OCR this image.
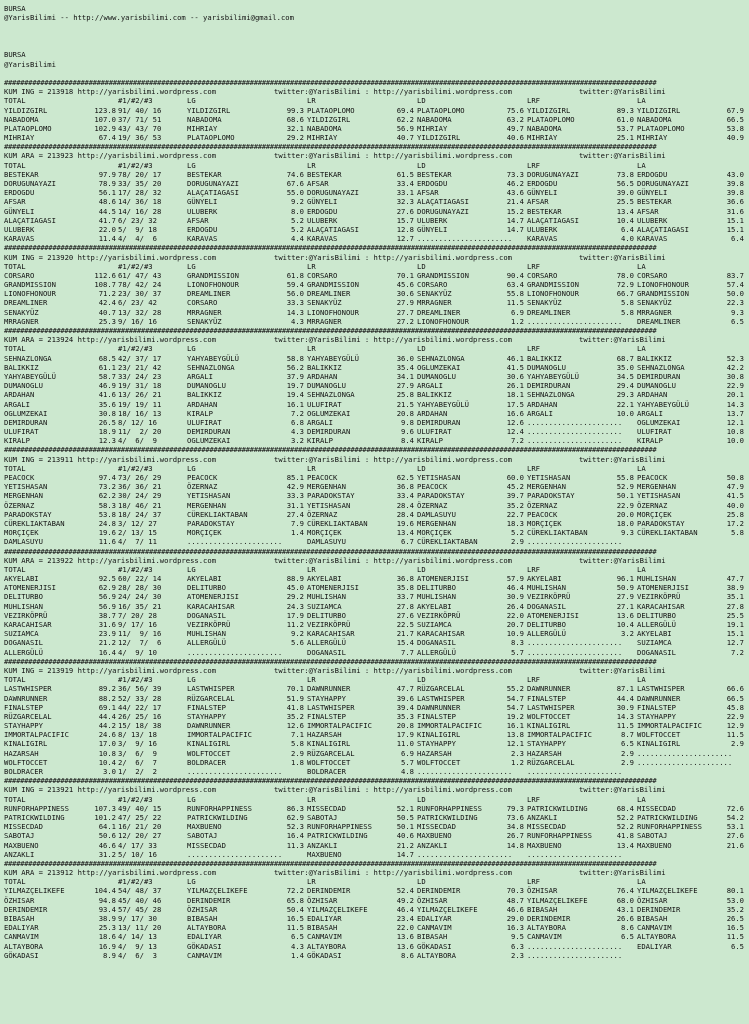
BURSA
@YarisBilimi -- http://www.yarisbilimi.com -- yarisbilimi@gmail.com
BURSA
@YarisBilimi
##################################################################################################################################################################
KUM ING = 213918 http://yarisbilimi.wordpress.com	twitter:@YarisBilimi : http://yarisbilimi.wordpress.com	twitter:@YarisBilimi
TOTAL	#1/#2/#3	LG	LR	LD	LRF	LA
YILDIZGIRL	123.8 91/ 40/ 16	YILDIZGIRL	99.3 PLATAOPLOMO	69.4 PLATAOPLOMO	75.6 YILDIZGIRL	89.3 YILDIZGIRL	67.9
NABADOMA	107.0 37/ 71/ 51	NABADOMA	68.6 YILDIZGIRL	62.2 NABADOMA	63.2 PLATAOPLOMO	61.0 NABADOMA	66.5
PLATAOPLOMO	102.9 43/ 43/ 70	MIHRIAY	32.1 NABADOMA	56.9 MIHRIAY	49.7 NABADOMA	53.7 PLATAOPLOMO	53.8
MIHRIAY	67.4 19/ 36/ 53	PLATAOPLOMO	29.2 MIHRIAY	40.7 YILDIZGIRL	40.6 MIHRIAY	25.1 MIHRIAY	40.9
##################################################################################################################################################################
KUM ARA = 213923 http://yarisbilimi.wordpress.com	twitter:@YarisBilimi : http://yarisbilimi.wordpress.com	twitter:@YarisBilimi
TOTAL	#1/#2/#3	LG	LR	LD	LRF	LA
BESTEKAR	97.9 78/ 20/ 17	BESTEKAR	74.6 BESTEKAR	61.5 BESTEKAR	73.3 DORUGUNAYAZI	73.8 ERDOGDU	43.0
DORUGUNAYAZI	78.9 33/ 35/ 20	DORUGUNAYAZI	67.6 AFSAR	33.4 ERDOGDU	46.2 ERDOGDU	56.5 DORUGUNAYAZI	39.8
ERDOGDU	56.1 17/ 28/ 32	ALAÇATIAGASI	55.0 DORUGUNAYAZI	33.1 AFSAR	43.6 GÜNYELI	39.0 GÜNYELI	39.8
AFSAR	48.6 14/ 36/ 18	GÜNYELI	9.2 GÜNYELI	32.3 ALAÇATIAGASI	21.4 AFSAR	25.5 BESTEKAR	36.6
GÜNYELI	44.5 14/ 16/ 28	ULUBERK	8.0 ERDOGDU	27.6 DORUGUNAYAZI	15.2 BESTEKAR	13.4 AFSAR	31.6
ALAÇATIAGASI	41.7 6/ 23/ 32	AFSAR	5.2 ULUBERK	15.7 ULUBERK	14.7 ALAÇATIAGASI	10.4 ULUBERK	15.1
ULUBERK	22.0 5/  9/ 18	ERDOGDU	5.2 ALAÇATIAGASI	12.8 GÜNYELI	14.7 ULUBERK	6.4 ALAÇATIAGASI	15.1
KARAVAS	11.4 4/  4/  6	KARAVAS	4.4 KARAVAS	12.7 ...................... KARAVAS	4.0 KARAVAS	6.4
##################################################################################################################################################################
KUM ING = 213920 http://yarisbilimi.wordpress.com	twitter:@YarisBilimi : http://yarisbilimi.wordpress.com	twitter:@YarisBilimi
TOTAL	#1/#2/#3	LG	LR	LD	LRF	LA
CORSARO	112.6 61/ 47/ 43	GRANDMISSION	61.8 CORSARO	70.1 GRANDMISSION	90.4 CORSARO	78.0 CORSARO	83.7
GRANDMISSION	108.7 78/ 42/ 24	LIONOFHONOUR	59.4 GRANDMISSION	45.6 CORSARO	63.4 GRANDMISSION	72.9 LIONOFHONOUR	57.4
LIONOFHONOUR	71.2 23/ 30/ 37	DREAMLINER	56.0 DREAMLINER	30.6 SENAKYÜZ	55.8 LIONOFHONOUR	66.7 GRANDMISSION	50.0
DREAMLINER	42.4 6/ 23/ 42	CORSARO	33.3 SENAKYÜZ	27.9 MRRAGNER	11.5 SENAKYÜZ	5.8 SENAKYÜZ	22.3
SENAKYÜZ	40.7 13/ 32/ 28	MRRAGNER	14.3 LIONOFHONOUR	27.7 DREAMLINER	6.9 DREAMLINER	5.8 MRRAGNER	9.3
MRRAGNER	25.3 9/ 16/ 16	SENAKYÜZ	4.3 MRRAGNER	27.2 LIONOFHONOUR	1.2 ...................... DREAMLINER	6.5
##################################################################################################################################################################
KUM ARA = 213924 http://yarisbilimi.wordpress.com	twitter:@YarisBilimi : http://yarisbilimi.wordpress.com	twitter:@YarisBilimi
TOTAL	#1/#2/#3	LG	LR	LD	LRF	LA
SEHNAZLONGA	68.5 42/ 37/ 17	YAHYABEYGÜLÜ	58.8 YAHYABEYGÜLÜ	36.0 SEHNAZLONGA	46.1 BALIKKIZ	68.7 BALIKKIZ	52.3
BALIKKIZ	61.1 23/ 21/ 42	SEHNAZLONGA	56.2 BALIKKIZ	35.4 OGLUMZEKAI	41.5 DUMANOGLU	35.0 SEHNAZLONGA	42.2
YAHYABEYGÜLÜ	58.7 33/ 24/ 23	ARGALI	37.9 ARDAHAN	34.1 DUMANOGLU	30.6 YAHYABEYGÜLÜ	34.5 DEMIRDURAN	30.8
DUMANOGLU	46.9 19/ 31/ 18	DUMANOGLU	19.7 DUMANOGLU	27.9 ARGALI	26.1 DEMIRDURAN	29.4 DUMANOGLU	22.9
ARDAHAN	41.6 13/ 26/ 21	BALIKKIZ	19.4 SEHNAZLONGA	25.8 BALIKKIZ	18.1 SEHNAZLONGA	29.3 ARDAHAN	20.1
ARGALI	35.6 19/ 19/ 11	ARDAHAN	16.1 ULUFIRAT	21.5 YAHYABEYGÜLÜ	17.5 ARDAHAN	22.1 YAHYABEYGÜLÜ	14.3
OGLUMZEKAI	30.8 18/ 16/ 13	KIRALP	7.2 OGLUMZEKAI	20.8 ARDAHAN	16.6 ARGALI	10.0 ARGALI	13.7
DEMIRDURAN	26.5 8/ 12/ 16	ULUFIRAT	6.8 ARGALI	9.8 DEMIRDURAN	12.6 ...................... OGLUMZEKAI	12.1
ULUFIRAT	18.9 11/  2/ 20	DEMIRDURAN	4.3 DEMIRDURAN	9.6 ULUFIRAT	12.4 ...................... ULUFIRAT	10.8
KIRALP	12.3 4/  6/  9	OGLUMZEKAI	3.2 KIRALP	8.4 KIRALP	7.2 ...................... KIRALP	10.0
##################################################################################################################################################################
KUM ING = 213911 http://yarisbilimi.wordpress.com	twitter:@YarisBilimi : http://yarisbilimi.wordpress.com	twitter:@YarisBilimi
TOTAL	#1/#2/#3	LG	LR	LD	LRF	LA
PEACOCK	97.4 73/ 26/ 29	PEACOCK	85.1 PEACOCK	62.5 YETISHASAN	60.0 YETISHASAN	55.8 PEACOCK	50.8
YETISHASAN	73.2 36/ 36/ 21	ÖZERNAZ	42.9 MERGENHAN	36.8 PEACOCK	45.2 MERGENHAN	52.9 MERGENHAN	47.9
MERGENHAN	62.2 30/ 24/ 29	YETISHASAN	33.3 PARADOKSTAY	33.4 PARADOKSTAY	39.7 PARADOKSTAY	50.1 YETISHASAN	41.5
ÖZERNAZ	58.3 18/ 46/ 21	MERGENHAN	31.1 YETISHASAN	28.4 ÖZERNAZ	35.2 ÖZERNAZ	22.9 ÖZERNAZ	40.0
PARADOKSTAY	53.8 18/ 24/ 37	CÜREKLIAKTABAN	27.4 ÖZERNAZ	28.4 DAMLASUYU	22.7 PEACOCK	20.0 MORÇIÇEK	25.8
CÜREKLIAKTABAN	24.8 3/ 12/ 27	PARADOKSTAY	7.9 CÜREKLIAKTABAN	19.6 MERGENHAN	18.3 MORÇIÇEK	18.0 PARADOKSTAY	17.2
MORÇIÇEK	19.6 2/ 13/ 15	MORÇIÇEK	1.4 MORÇIÇEK	13.4 MORÇIÇEK	5.2 CÜREKLIAKTABAN	9.3 CÜREKLIAKTABAN	5.8
DAMLASUYU	11.6 4/  7/ 11	......................	DAMLASUYU	6.7 CÜREKLIAKTABAN	2.9 ......................
##################################################################################################################################################################
KUM ARA = 213922 http://yarisbilimi.wordpress.com	twitter:@YarisBilimi : http://yarisbilimi.wordpress.com	twitter:@YarisBilimi
TOTAL	#1/#2/#3	LG	LR	LD	LRF	LA
AKYELABI	92.5 60/ 22/ 14	AKYELABI	88.9 AKYELABI	36.8 ATOMENERJISI	57.9 AKYELABI	96.1 MUHLISHAN	47.7
ATOMENERJISI	62.9 28/ 28/ 30	DELITURBO	45.0 ATOMENERJISI	35.8 DELITURBO	46.4 MUHLISHAN	50.9 ATOMENERJISI	38.9
DELITURBO	56.9 24/ 24/ 30	ATOMENERJISI	29.2 MUHLISHAN	33.7 MUHLISHAN	30.9 VEZIRKÖPRÜ	27.9 VEZIRKÖPRÜ	35.1
MUHLISHAN	56.9 16/ 35/ 21	KARACAHISAR	24.3 SUZIAMCA	27.8 AKYELABI	26.4 DOGANASIL	27.1 KARACAHISAR	27.8
VEZIRKÖPRÜ	38.7 7/ 20/ 28	DOGANASIL	17.9 DELITURBO	27.6 VEZIRKÖPRÜ	22.0 ATOMENERJISI	13.6 DELITURBO	25.5
KARACAHISAR	31.6 9/ 17/ 16	VEZIRKÖPRÜ	11.2 VEZIRKÖPRÜ	22.5 SUZIAMCA	20.7 DELITURBO	10.4 ALLERGÜLÜ	19.1
SUZIAMCA	23.9 11/  9/ 16	MUHLISHAN	9.2 KARACAHISAR	21.7 KARACAHISAR	10.9 ALLERGÜLÜ	3.2 AKYELABI	15.1
DOGANASIL	21.2 12/  7/  6	ALLERGÜLÜ	5.6 ALLERGÜLÜ	15.4 DOGANASIL	8.3 ...................... SUZIAMCA	12.7
ALLERGÜLÜ	16.4 4/  9/ 10	......................	DOGANASIL	7.7 ALLERGÜLÜ	5.7 ...................... DOGANASIL	7.2
##################################################################################################################################################################
KUM ING = 213919 http://yarisbilimi.wordpress.com	twitter:@YarisBilimi : http://yarisbilimi.wordpress.com	twitter:@YarisBilimi
TOTAL	#1/#2/#3	LG	LR	LD	LRF	LA
LASTWHISPER	89.2 36/ 56/ 39	LASTWHISPER	70.1 DAWNRUNNER	47.7 RÜZGARCELAL	55.2 DAWNRUNNER	87.1 LASTWHISPER	66.6
DAWNRUNNER	88.2 52/ 33/ 28	RÜZGARCELAL	51.9 STAYHAPPY	39.6 LASTWHISPER	54.7 FINALSTEP	44.4 DAWNRUNNER	66.5
FINALSTEP	69.1 44/ 22/ 17	FINALSTEP	41.8 LASTWHISPER	39.4 DAWNRUNNER	54.7 LASTWHISPER	30.9 FINALSTEP	45.8
RÜZGARCELAL	44.4 26/ 25/ 16	STAYHAPPY	35.2 FINALSTEP	35.3 FINALSTEP	19.2 WOLFTOCCET	14.3 STAYHAPPY	22.9
STAYHAPPY	44.2 15/ 18/ 38	DAWNRUNNER	12.6 IMMORTALPACIFIC	20.8 IMMORTALPACIFIC	16.1 KINALIGIRL	11.5 IMMORTALPACIFIC	12.9
IMMORTALPACIFIC	24.6 8/ 13/ 18	IMMORTALPACIFIC	7.1 HAZARSAH	17.9 KINALIGIRL	13.8 IMMORTALPACIFIC	8.7 WOLFTOCCET	11.5
KINALIGIRL	17.0 3/  9/ 16	KINALIGIRL	5.8 KINALIGIRL	11.0 STAYHAPPY	12.1 STAYHAPPY	6.5 KINALIGIRL	2.9
HAZARSAH	10.8 3/  6/  9	WOLFTOCCET	2.9 RÜZGARCELAL	6.9 HAZARSAH	2.3 HAZARSAH	2.9 ......................
WOLFTOCCET	10.4 2/  6/  7	BOLDRACER	1.8 WOLFTOCCET	5.7 WOLFTOCCET	1.2 RÜZGARCELAL	2.9 ......................
BOLDRACER	3.0 1/  2/  2	......................	BOLDRACER	4.8 ...................... ......................
##################################################################################################################################################################
KUM ING = 213921 http://yarisbilimi.wordpress.com	twitter:@YarisBilimi : http://yarisbilimi.wordpress.com	twitter:@YarisBilimi
TOTAL	#1/#2/#3	LG	LR	LD	LRF	LA
RUNFORHAPPINESS	107.3 49/ 40/ 15	RUNFORHAPPINESS	86.3 MISSECDAD	52.1 RUNFORHAPPINESS	79.3 PATRICKWILDING	68.4 MISSECDAD	72.6
PATRICKWILDING	101.2 47/ 25/ 22	PATRICKWILDING	62.9 SABOTAJ	50.5 PATRICKWILDING	73.6 ANZAKLI	52.2 PATRICKWILDING	54.2
MISSECDAD	64.1 16/ 21/ 20	MAXBUENO	52.3 RUNFORHAPPINESS	50.1 MISSECDAD	34.8 MISSECDAD	52.2 RUNFORHAPPINESS	53.1
SABOTAJ	50.6 12/ 20/ 27	SABOTAJ	16.4 PATRICKWILDING	40.6 MAXBUENO	26.7 RUNFORHAPPINESS	41.8 SABOTAJ	27.6
MAXBUENO	46.6 4/ 17/ 33	MISSECDAD	11.3 ANZAKLI	21.2 ANZAKLI	14.8 MAXBUENO	13.4 MAXBUENO	21.6
ANZAKLI	31.2 5/ 10/ 16	......................	MAXBUENO	14.7 ...................... ......................
##################################################################################################################################################################
KUM ARA = 213912 http://yarisbilimi.wordpress.com	twitter:@YarisBilimi : http://yarisbilimi.wordpress.com	twitter:@YarisBilimi
TOTAL	#1/#2/#3	LG	LR	LD	LRF	LA
YILMAZÇELIKEFE	104.4 54/ 48/ 37	YILMAZÇELIKEFE	72.2 DERINDEMIR	52.4 DERINDEMIR	70.3 ÖZHISAR	76.4 YILMAZÇELIKEFE	80.1
ÖZHISAR	94.8 45/ 40/ 46	DERINDEMIR	65.8 ÖZHISAR	49.2 ÖZHISAR	48.7 YILMAZÇELIKEFE	68.0 ÖZHISAR	53.0
DERINDEMIR	93.4 57/ 45/ 28	ÖZHISAR	50.4 YILMAZÇELIKEFE	46.4 YILMAZÇELIKEFE	46.6 BIBASAH	43.1 DERINDEMIR	35.2
BIBASAH	38.9 9/ 17/ 30	BIBASAH	16.5 EDALIYAR	23.4 EDALIYAR	29.0 DERINDEMIR	26.6 BIBASAH	26.5
EDALIYAR	25.3 13/ 11/ 20	ALTAYBORA	11.5 BIBASAH	22.0 CANMAVIM	16.3 ALTAYBORA	8.6 CANMAVIM	16.5
CANMAVIM	18.6 4/ 14/ 13	EDALIYAR	6.5 CANMAVIM	13.6 BIBASAH	9.5 CANMAVIM	6.5 ALTAYBORA	11.5
ALTAYBORA	16.9 4/  9/ 13	GÖKADASI	4.3 ALTAYBORA	13.6 GÖKADASI	6.3 ...................... EDALIYAR	6.5
GÖKADASI	8.9 4/  6/  3	CANMAVIM	1.4 GÖKADASI	8.6 ALTAYBORA	2.3 ......................
